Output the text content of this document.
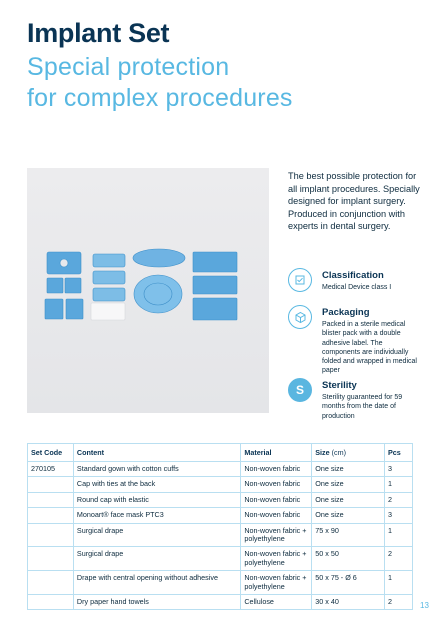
Implant Set
Special protection
for complex procedures
The best possible protection for all implant procedures. Specially designed for implant surgery. Produced in conjunction with experts in dental surgery.
Classification
Medical Device class I
Packaging
Packed in a sterile medical blister pack with a double adhesive label. The components are individually folded and wrapped in medical paper
S	Sterility
Sterility guaranteed for 59 months from the date of production
Set Code	Content	Material	Size (cm)	Pcs
270105	Standard gown with cotton cuffs	Non-woven fabric	One size	3
	Cap with ties at the back	Non-woven fabric	One size	1
	Round cap with elastic	Non-woven fabric	One size	2
	Monoart® face mask PTC3	Non-woven fabric	One size	3
	Surgical drape	Non-woven fabric + polyethylene	75 x 90	1
	Surgical drape	Non-woven fabric + polyethylene	50 x 50	2
	Drape with central opening without adhesive	Non-woven fabric + polyethylene	50 x 75 - Ø 6	1
	Dry paper hand towels	Cellulose	30 x 40	2	13
